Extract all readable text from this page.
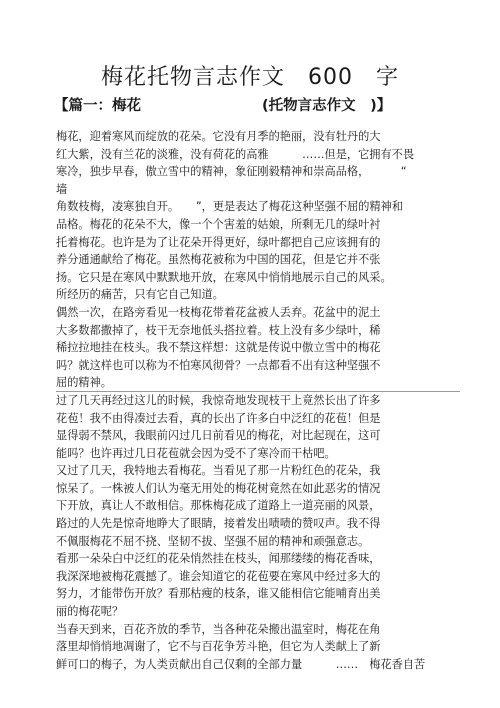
梅花托物言志作文　600　字
【篇一：梅花	(托物言志作文　)】
梅花，迎着寒风而绽放的花朵。它没有月季的艳丽，没有牡丹的大
红大紫，没有兰花的淡雅，没有荷花的高雅　　　……但是，它拥有不畏
寒冷，独步早春，傲立雪中的精神，象征刚毅精神和崇高品格，　　　 “
墙
角数枝梅，凌寒独自开。　　”，更是表达了梅花这种坚强不屈的精神和
品格。梅花的花朵不大，像一个个害羞的姑娘，所剩无几的绿叶衬
托着梅花。也许是为了让花朵开得更好，绿叶都把自己应该拥有的
养分通通献给了梅花。虽然梅花被称为中国的国花，但是它并不张
扬。它只是在寒风中默默地开放，在寒风中悄悄地展示自己的风采。
所经历的痛苦，只有它自己知道。
偶然一次，在路旁看见一枝梅花带着花盆被人丢弃。花盆中的泥土
大多数都撒掉了，枝干无奈地低头搭拉着。枝上没有多少绿叶，稀
稀拉拉地挂在枝头。我不禁这样想：这就是传说中傲立雪中的梅花
吗？就这样也可以称为不怕寒风彻骨？一点都看不出有这种坚强不
屈的精神。
过了几天再经过这儿的时候，我惊奇地发现枝干上竟然长出了许多
花苞！我不由得凑过去看，真的长出了许多白中泛红的花苞！但是
显得弱不禁风，我眼前闪过几日前看见的梅花，对比起现在，这可
能吗？也许再过几日花苞就会因为受不了寒冷而干枯吧。
又过了几天，我特地去看梅花。当看见了那一片粉红色的花朵，我
惊呆了。一株被人们认为毫无用处的梅花树竟然在如此恶劣的情况
下开放，真让人不敢相信。那株梅花成了道路上一道亮丽的风景，
路过的人先是惊奇地睁大了眼睛，接着发出啧啧的赞叹声。我不得
不佩服梅花不屈不挠、坚韧不拔、坚强不屈的精神和顽强意志。
看那一朵朵白中泛红的花朵悄然挂在枝头，闻那缕缕的梅花香味，
我深深地被梅花震撼了。谁会知道它的花苞要在寒风中经过多大的
努力，才能带伤开放？看那枯瘦的枝条，谁又能相信它能哺育出美
丽的梅花呢？
当春天到来，百花齐放的季节，当各种花朵搬出温室时，梅花在角
落里却悄悄地凋谢了，它不与百花争芳斗艳，但它为人类献上了新
鲜可口的梅子，为人类贡献出自己仅剩的全部力量　　　……　梅花香自苦
